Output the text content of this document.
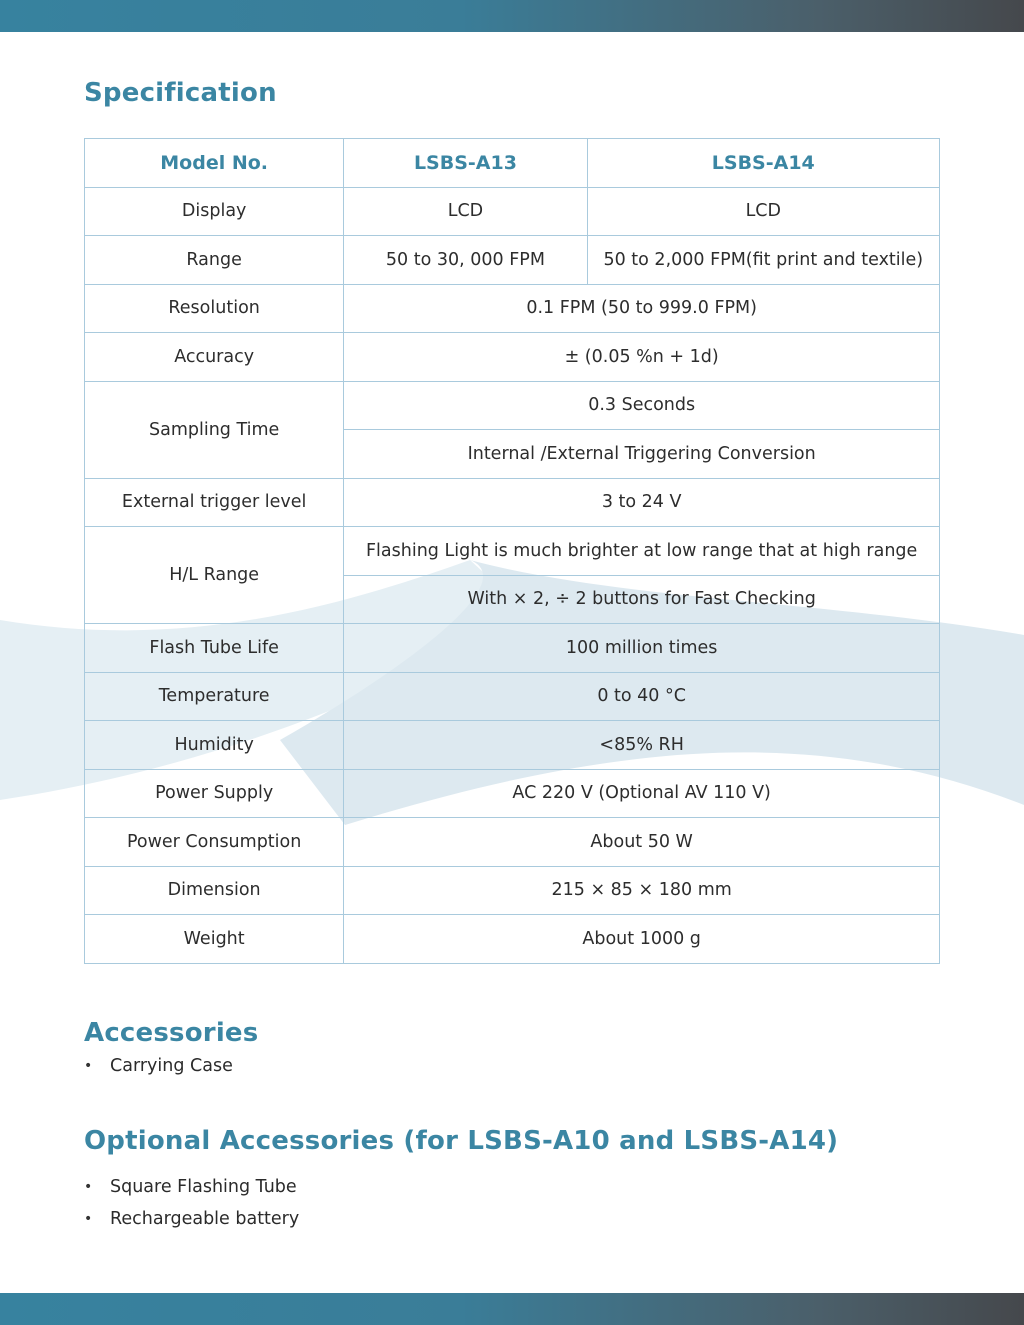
Specification
Model No.	LSBS-A13	LSBS-A14
Display	LCD	LCD
Range	50 to 30, 000 FPM	50 to 2,000 FPM(fit print and textile)
Resolution	0.1 FPM (50 to 999.0 FPM)	
Accuracy	± (0.05 %n + 1d)	
Sampling Time	0.3 Seconds	
	Internal /External Triggering Conversion	
External trigger level	3 to 24 V	
H/L Range	Flashing Light is much brighter at low range that at high range	
	With × 2, ÷ 2 buttons for Fast Checking	
Flash Tube Life	100 million times	
Temperature	0 to 40 °C	
Humidity	<85% RH	
Power Supply	AC 220 V (Optional AV 110 V)	
Power Consumption	About 50 W	
Dimension	215 × 85 × 180 mm	
Weight	About 1000 g	
Accessories
• Carrying Case
Optional Accessories (for LSBS-A10 and LSBS-A14)
• Square Flashing Tube
• Rechargeable battery
